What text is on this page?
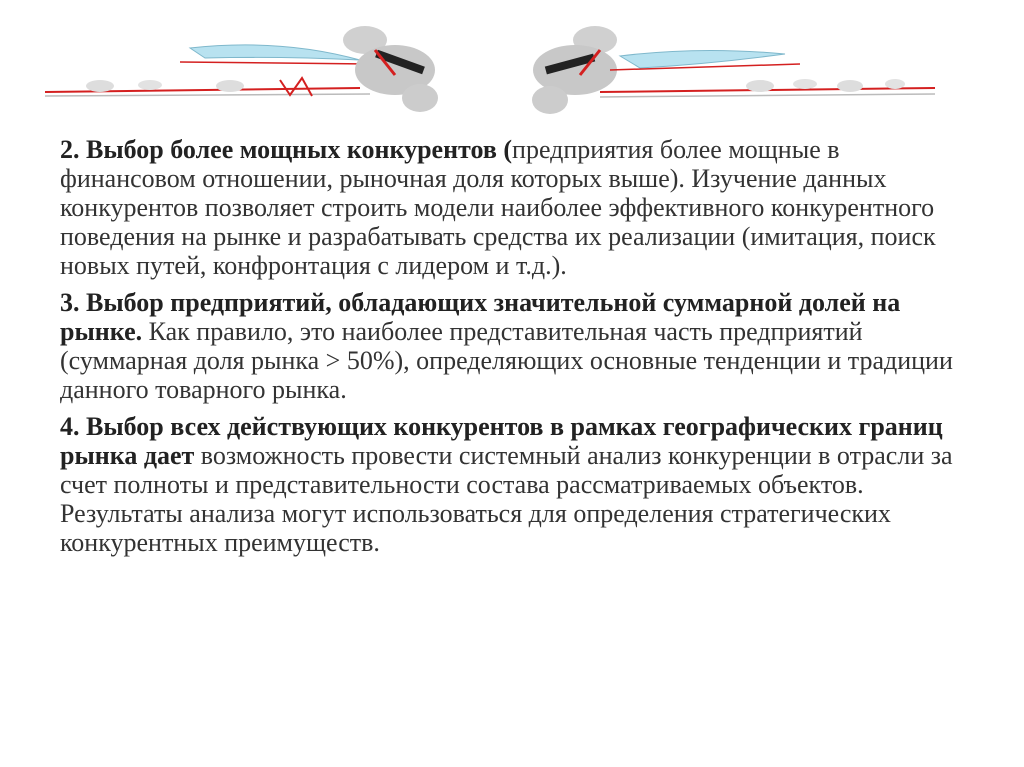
2. Выбор более мощных конкурентов (предприятия более мощные в финансовом отношении, рыночная доля которых выше). Изучение данных конкурентов позволяет строить модели наиболее эффективного конкурентного поведения на рынке и разрабатывать средства их реализации (имитация, поиск новых путей, конфронтация с лидером и т.д.).

3. Выбор предприятий, обладающих значительной суммарной долей на рынке. Как правило, это наиболее представительная часть предприятий (суммарная доля рынка > 50%), определяющих основные тенденции и традиции данного товарного рынка.

4. Выбор всех действующих конкурентов в рамках географических границ рынка дает возможность провести системный анализ конкуренции в отрасли за счет полноты и представительности состава рассматриваемых объектов. Результаты анализа могут использоваться для определения стратегических конкурентных преимуществ.
